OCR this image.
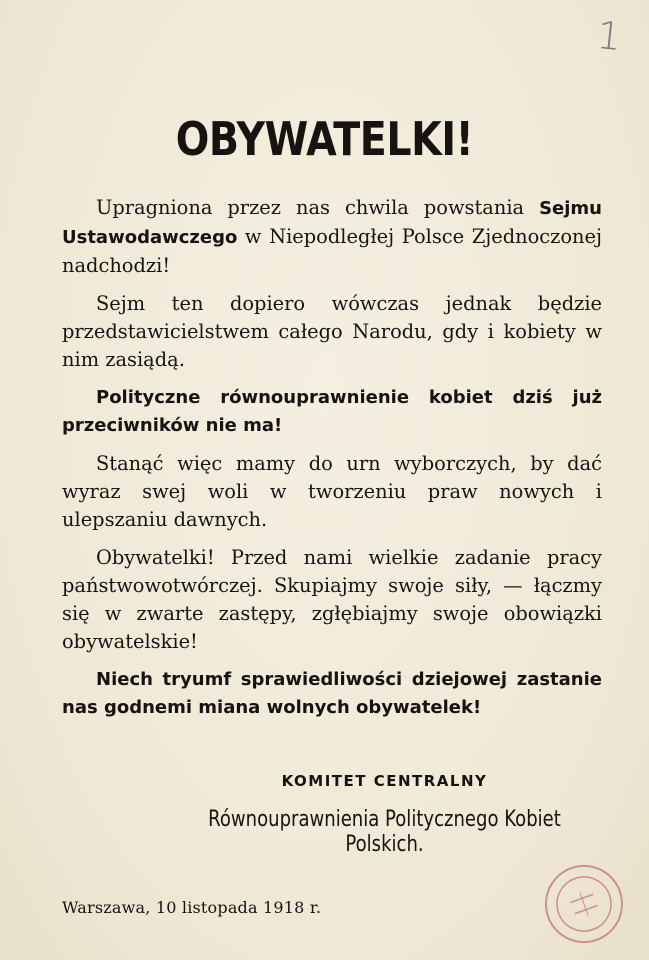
1
OBYWATELKI!

Upragniona przez nas chwila powstania Sejmu Ustawodawczego w Niepodległej Polsce Zjednoczonej nadchodzi!

Sejm ten dopiero wówczas jednak będzie przedstawicielstwem całego Narodu, gdy i kobiety w nim zasiądą.

Polityczne równouprawnienie kobiet dziś już przeciwników nie ma!

Stanąć więc mamy do urn wyborczych, by dać wyraz swej woli w tworzeniu praw nowych i ulepszaniu dawnych.

Obywatelki! Przed nami wielkie zadanie pracy państwowotwórczej. Skupiajmy swoje siły, — łączmy się w zwarte zastępy, zgłębiajmy swoje obowiązki obywatelskie!

Niech tryumf sprawiedliwości dziejowej zastanie nas godnemi miana wolnych obywatelek!

KOMITET CENTRALNY
Równouprawnienia Politycznego Kobiet Polskich.
Warszawa, 10 listopada 1918 r.
